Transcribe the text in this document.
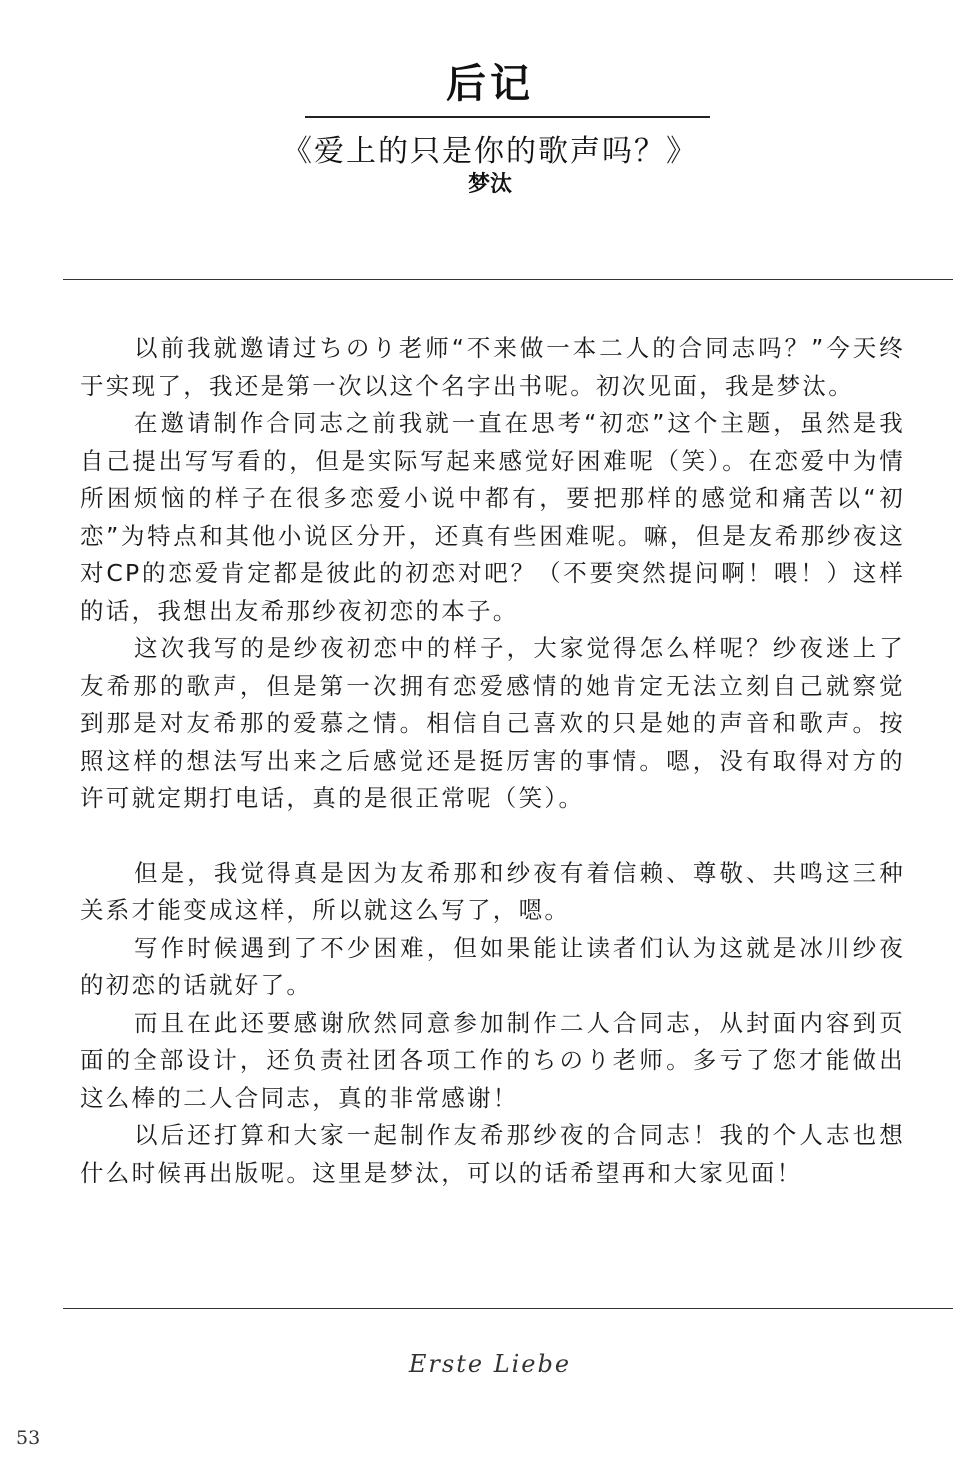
后记
《爱上的只是你的歌声吗？》
梦汰

以前我就邀请过ちのり老师“不来做一本二人的合同志吗？”今天终于实现了，我还是第一次以这个名字出书呢。初次见面，我是梦汰。

在邀请制作合同志之前我就一直在思考“初恋”这个主题，虽然是我自己提出写写看的，但是实际写起来感觉好困难呢（笑）。在恋爱中为情所困烦恼的样子在很多恋爱小说中都有，要把那样的感觉和痛苦以“初恋”为特点和其他小说区分开，还真有些困难呢。嘛，但是友希那纱夜这对CP的恋爱肯定都是彼此的初恋对吧？（不要突然提问啊！喂！）这样的话，我想出友希那纱夜初恋的本子。

这次我写的是纱夜初恋中的样子，大家觉得怎么样呢？纱夜迷上了友希那的歌声，但是第一次拥有恋爱感情的她肯定无法立刻自己就察觉到那是对友希那的爱慕之情。相信自己喜欢的只是她的声音和歌声。按照这样的想法写出来之后感觉还是挺厉害的事情。嗯，没有取得对方的许可就定期打电话，真的是很正常呢（笑）。

但是，我觉得真是因为友希那和纱夜有着信赖、尊敬、共鸣这三种关系才能变成这样，所以就这么写了，嗯。

写作时候遇到了不少困难，但如果能让读者们认为这就是冰川纱夜的初恋的话就好了。

而且在此还要感谢欣然同意参加制作二人合同志，从封面内容到页面的全部设计，还负责社团各项工作的ちのり老师。多亏了您才能做出这么棒的二人合同志，真的非常感谢！

以后还打算和大家一起制作友希那纱夜的合同志！我的个人志也想什么时候再出版呢。这里是梦汰，可以的话希望再和大家见面！

Erste Liebe
53
